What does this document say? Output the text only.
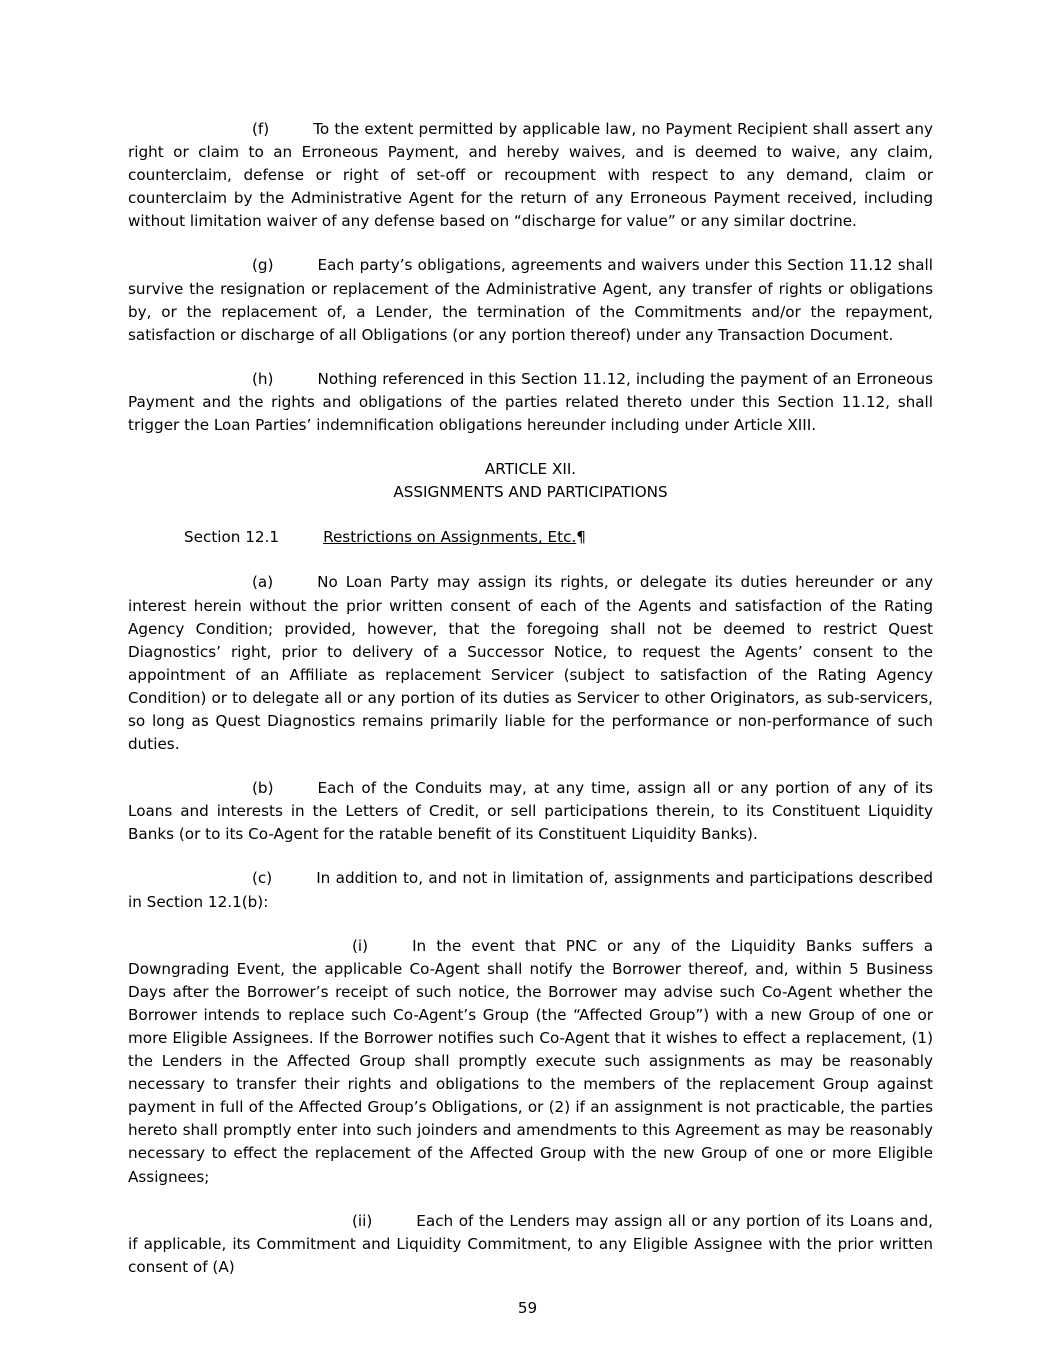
(f)	To the extent permitted by applicable law, no Payment Recipient shall assert any right or claim to an Erroneous Payment, and hereby waives, and is deemed to waive, any claim, counterclaim, defense or right of set-off or recoupment with respect to any demand, claim or counterclaim by the Administrative Agent for the return of any Erroneous Payment received, including without limitation waiver of any defense based on “discharge for value” or any similar doctrine.

(g)	Each party’s obligations, agreements and waivers under this Section 11.12 shall survive the resignation or replacement of the Administrative Agent, any transfer of rights or obligations by, or the replacement of, a Lender, the termination of the Commitments and/or the repayment, satisfaction or discharge of all Obligations (or any portion thereof) under any Transaction Document.

(h)	Nothing referenced in this Section 11.12, including the payment of an Erroneous Payment and the rights and obligations of the parties related thereto under this Section 11.12, shall trigger the Loan Parties’ indemnification obligations hereunder including under Article XIII.

ARTICLE XII.

ASSIGNMENTS AND PARTICIPATIONS

Section 12.1	Restrictions on Assignments, Etc.¶

(a)	No Loan Party may assign its rights, or delegate its duties hereunder or any interest herein without the prior written consent of each of the Agents and satisfaction of the Rating Agency Condition; provided, however, that the foregoing shall not be deemed to restrict Quest Diagnostics’ right, prior to delivery of a Successor Notice, to request the Agents’ consent to the appointment of an Affiliate as replacement Servicer (subject to satisfaction of the Rating Agency Condition) or to delegate all or any portion of its duties as Servicer to other Originators, as sub-servicers, so long as Quest Diagnostics remains primarily liable for the performance or non-performance of such duties.

(b)	Each of the Conduits may, at any time, assign all or any portion of any of its Loans and interests in the Letters of Credit, or sell participations therein, to its Constituent Liquidity Banks (or to its Co-Agent for the ratable benefit of its Constituent Liquidity Banks).

(c)	In addition to, and not in limitation of, assignments and participations described in Section 12.1(b):

(i)	In the event that PNC or any of the Liquidity Banks suffers a Downgrading Event, the applicable Co-Agent shall notify the Borrower thereof, and, within 5 Business Days after the Borrower’s receipt of such notice, the Borrower may advise such Co-Agent whether the Borrower intends to replace such Co-Agent’s Group (the “Affected Group”) with a new Group of one or more Eligible Assignees. If the Borrower notifies such Co-Agent that it wishes to effect a replacement, (1) the Lenders in the Affected Group shall promptly execute such assignments as may be reasonably necessary to transfer their rights and obligations to the members of the replacement Group against payment in full of the Affected Group’s Obligations, or (2) if an assignment is not practicable, the parties hereto shall promptly enter into such joinders and amendments to this Agreement as may be reasonably necessary to effect the replacement of the Affected Group with the new Group of one or more Eligible Assignees;

(ii)	Each of the Lenders may assign all or any portion of its Loans and, if applicable, its Commitment and Liquidity Commitment, to any Eligible Assignee with the prior written consent of (A)

59
